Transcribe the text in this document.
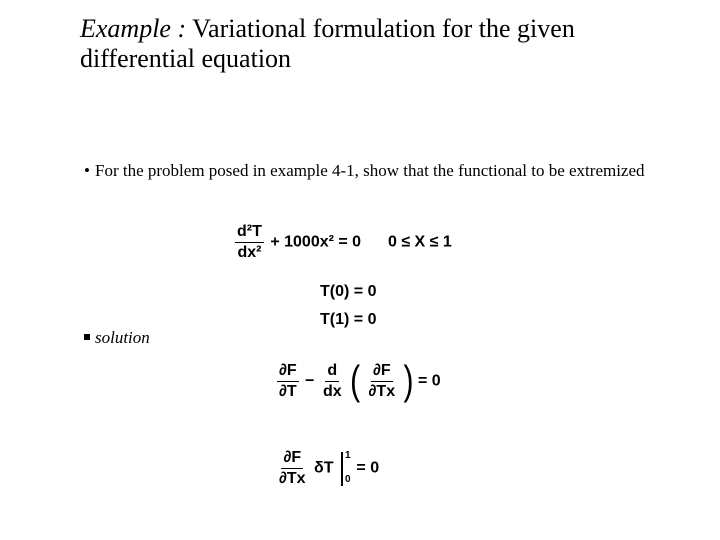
Example : Variational formulation for the given differential equation
• For the problem posed in example 4-1, show that the functional to be extremized
$\frac{\text{d²T}}{\text{dx²}} + 1000x^2 = 0$ 0 ≤ X ≤ 1
T(0) = 0
T(1) = 0
solution
$\frac{\partial F}{\partial T} - \frac{d}{dx}$ ( $\frac{\partial F}{\partial Tx}$ ) = 0
$\frac{\partial F}{\partial Tx}$ δT
1
0
= 0
